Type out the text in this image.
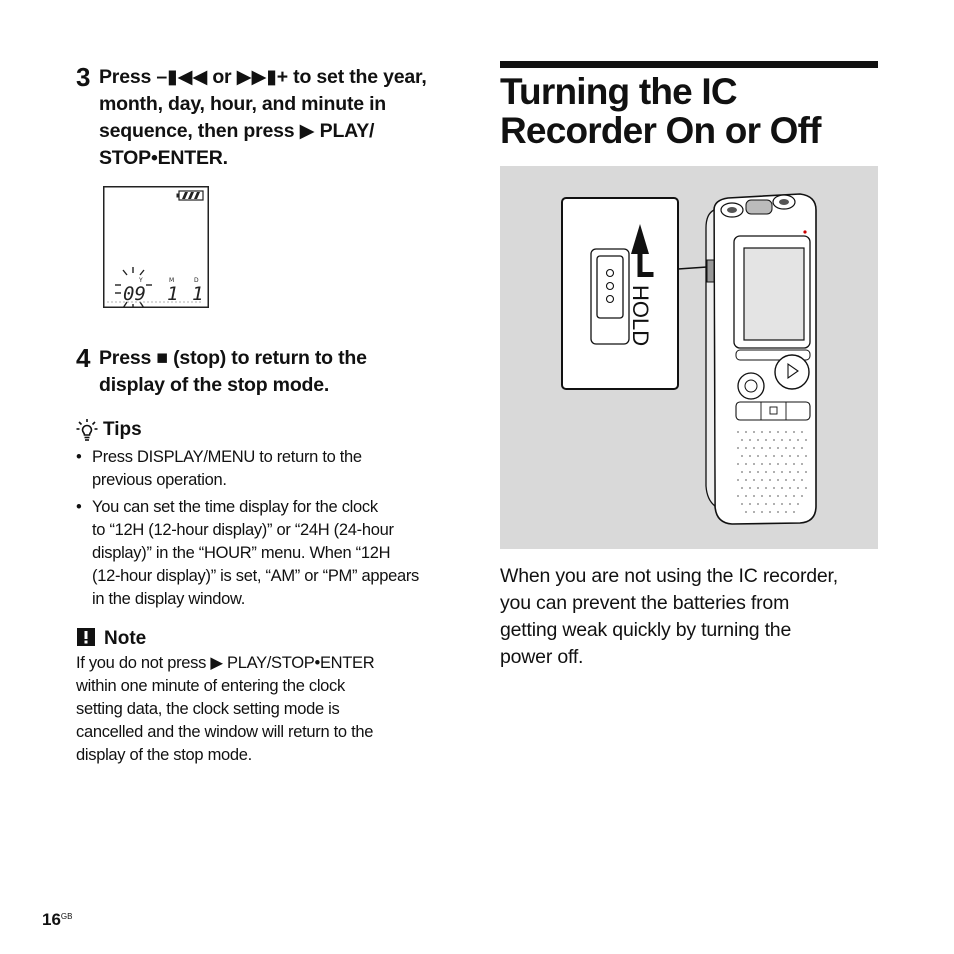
3 Press –▮◀◀ or ▶▶▮+ to set the year,
month, day, hour, and minute in
sequence, then press ▶ PLAY/
STOP•ENTER.
Y	M	D
09 1 1
4 Press ■ (stop) to return to the
display of the stop mode.
Tips
• Press DISPLAY/MENU to return to the
previous operation.
• You can set the time display for the clock
to “12H (12-hour display)” or “24H (24-hour
display)” in the “HOUR” menu. When “12H
(12-hour display)” is set, “AM” or “PM” appears
in the display window.
Note
If you do not press ▶ PLAY/STOP•ENTER
within one minute of entering the clock
setting data, the clock setting mode is
cancelled and the window will return to the
display of the stop mode.
Turning the IC
Recorder On or Off
HOLD
When you are not using the IC recorder,
you can prevent the batteries from
getting weak quickly by turning the
power off.
$16^{GB}$
